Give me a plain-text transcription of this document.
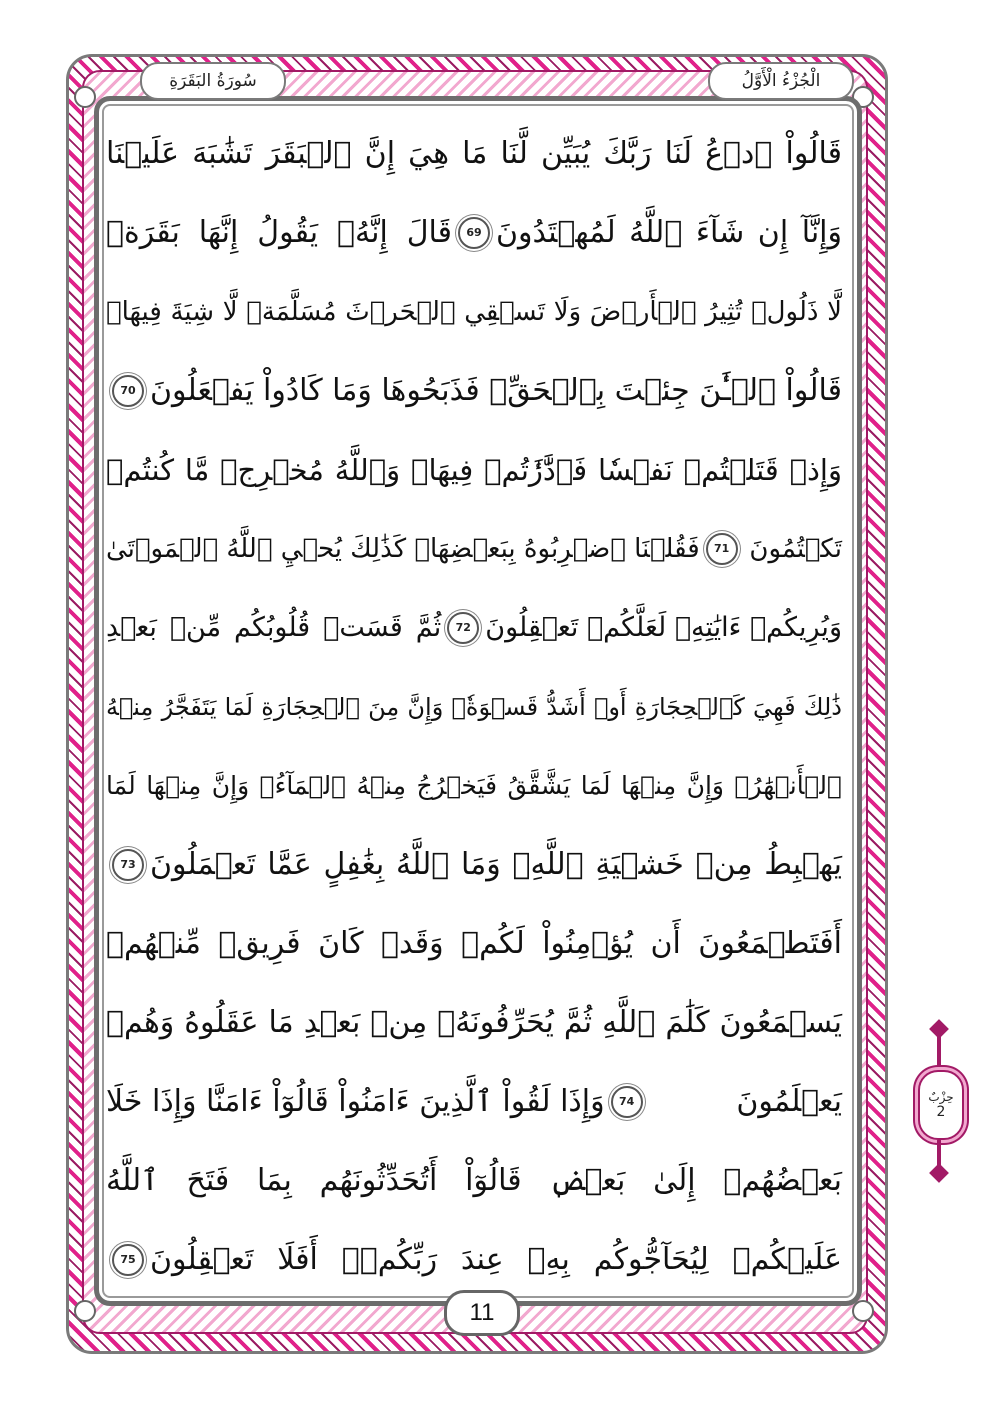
الْجُزْءُ الْأَوَّلُ
سُورَةُ البَقَرَةِ
قَالُواْ ٱدۡعُ لَنَا رَبَّكَ يُبَيِّن لَّنَا مَا هِيَ إِنَّ ٱلۡبَقَرَ تَشَٰبَهَ عَلَيۡنَا
وَإِنَّآ إِن شَآءَ ٱللَّهُ لَمُهۡتَدُونَ
69
قَالَ إِنَّهُۥ يَقُولُ إِنَّهَا بَقَرَةٞ
لَّا ذَلُولٞ تُثِيرُ ٱلۡأَرۡضَ وَلَا تَسۡقِي ٱلۡحَرۡثَ مُسَلَّمَةٞ لَّا شِيَةَ فِيهَاۚ
قَالُواْ ٱلۡـَٰٔنَ جِئۡتَ بِٱلۡحَقِّۚ فَذَبَحُوهَا وَمَا كَادُواْ يَفۡعَلُونَ
70
وَإِذۡ قَتَلۡتُمۡ نَفۡسٗا فَٱدَّٰرَٰٔتُمۡ فِيهَاۖ وَٱللَّهُ مُخۡرِجٞ مَّا كُنتُمۡ
تَكۡتُمُونَ
71
فَقُلۡنَا ٱضۡرِبُوهُ بِبَعۡضِهَاۚ كَذَٰلِكَ يُحۡيِ ٱللَّهُ ٱلۡمَوۡتَىٰ
وَيُرِيكُمۡ ءَايَٰتِهِۦ لَعَلَّكُمۡ تَعۡقِلُونَ
72
ثُمَّ قَسَتۡ قُلُوبُكُم مِّنۢ بَعۡدِ
ذَٰلِكَ فَهِيَ كَٱلۡحِجَارَةِ أَوۡ أَشَدُّ قَسۡوَةٗۚ وَإِنَّ مِنَ ٱلۡحِجَارَةِ لَمَا يَتَفَجَّرُ مِنۡهُ
ٱلۡأَنۡهَٰرُۚ وَإِنَّ مِنۡهَا لَمَا يَشَّقَّقُ فَيَخۡرُجُ مِنۡهُ ٱلۡمَآءُۚ وَإِنَّ مِنۡهَا لَمَا
يَهۡبِطُ مِنۡ خَشۡيَةِ ٱللَّهِۗ وَمَا ٱللَّهُ بِغَٰفِلٍ عَمَّا تَعۡمَلُونَ
73
أَفَتَطۡمَعُونَ أَن يُؤۡمِنُواْ لَكُمۡ وَقَدۡ كَانَ فَرِيقٞ مِّنۡهُمۡ
يَسۡمَعُونَ كَلَٰمَ ٱللَّهِ ثُمَّ يُحَرِّفُونَهُۥ مِنۢ بَعۡدِ مَا عَقَلُوهُ وَهُمۡ
يَعۡلَمُونَ
74
وَإِذَا لَقُواْ ٱلَّذِينَ ءَامَنُواْ قَالُوٓاْ ءَامَنَّا وَإِذَا خَلَا
بَعۡضُهُمۡ إِلَىٰ بَعۡضٖ قَالُوٓاْ أَتُحَدِّثُونَهُم بِمَا فَتَحَ ٱللَّهُ
عَلَيۡكُمۡ لِيُحَآجُّوكُم بِهِۦ عِندَ رَبِّكُمۡۚ أَفَلَا تَعۡقِلُونَ
75
حِزْبٌ
2
11
